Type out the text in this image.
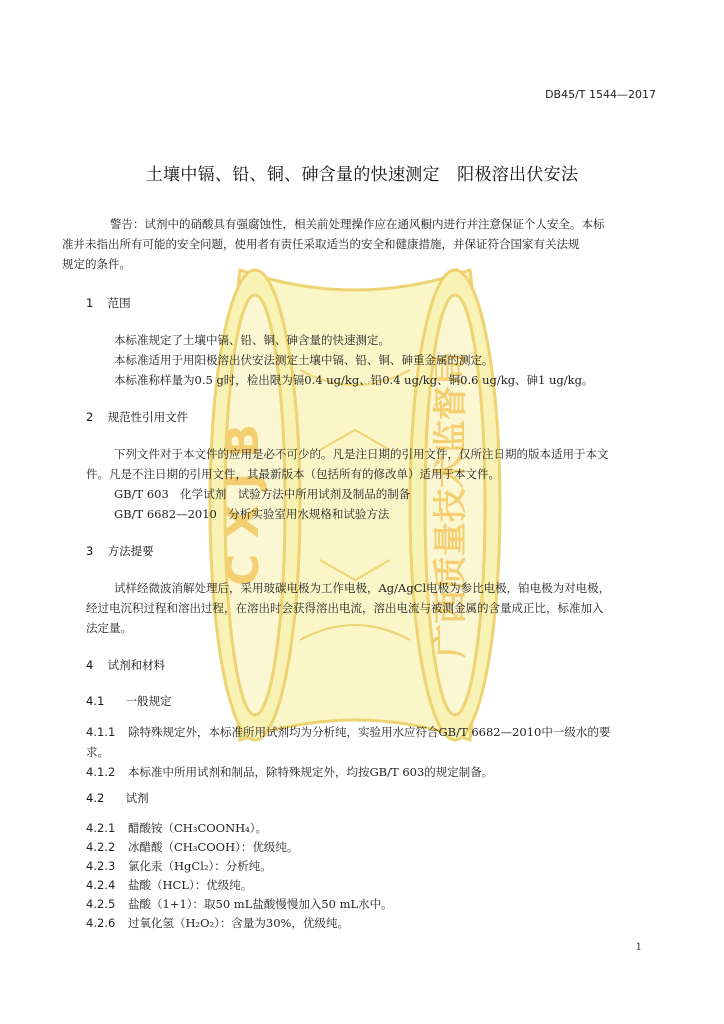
C X J B	广西质量技术监督局
DB45/T 1544—2017
土壤中镉、铅、铜、砷含量的快速测定　阳极溶出伏安法
警告：试剂中的硝酸具有强腐蚀性，相关前处理操作应在通风橱内进行并注意保证个人安全。本标
准并未指出所有可能的安全问题，使用者有责任采取适当的安全和健康措施，并保证符合国家有关法规
规定的条件。
1 范围
本标准规定了土壤中镉、铅、铜、砷含量的快速测定。
本标准适用于用阳极溶出伏安法测定土壤中镉、铅、铜、砷重金属的测定。
本标准称样量为0.5 g时，检出限为镉0.4 ug/kg、铅0.4 ug/kg、铜0.6 ug/kg、砷1 ug/kg。
2 规范性引用文件
下列文件对于本文件的应用是必不可少的。凡是注日期的引用文件，仅所注日期的版本适用于本文
件。凡是不注日期的引用文件，其最新版本（包括所有的修改单）适用于本文件。
GB/T 603　化学试剂　试验方法中所用试剂及制品的制备
GB/T 6682—2010　分析实验室用水规格和试验方法
3 方法提要
试样经微波消解处理后，采用玻碳电极为工作电极，Ag/AgCl电极为参比电极，铂电极为对电极，
经过电沉积过程和溶出过程，在溶出时会获得溶出电流，溶出电流与被测金属的含量成正比，标准加入
法定量。
4 试剂和材料
4.1 一般规定
4.1.1 除特殊规定外，本标准所用试剂均为分析纯，实验用水应符合GB/T 6682—2010中一级水的要
求。
4.1.2 本标准中所用试剂和制品，除特殊规定外，均按GB/T 603的规定制备。
4.2 试剂
4.2.1 醋酸铵（CH₃COONH₄）。
4.2.2 冰醋酸（CH₃COOH）：优级纯。
4.2.3 氯化汞（HgCl₂）：分析纯。
4.2.4 盐酸（HCL）：优级纯。
4.2.5 盐酸（1+1）：取50 mL盐酸慢慢加入50 mL水中。
4.2.6 过氧化氢（H₂O₂）：含量为30%，优级纯。
1
